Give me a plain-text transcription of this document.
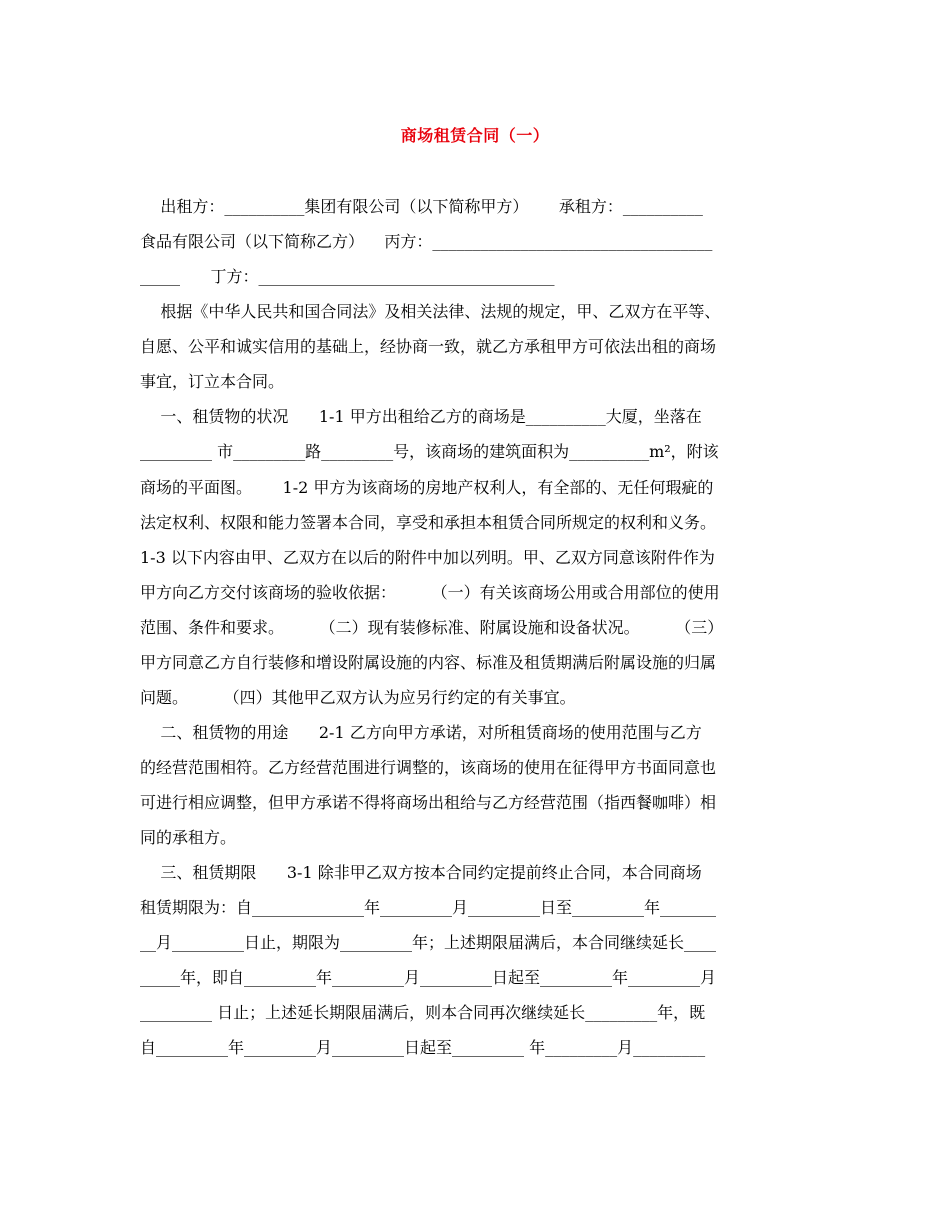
商场租赁合同（一）
出租方：__________集团有限公司（以下简称甲方）      承租方：__________
食品有限公司（以下简称乙方）    丙方：___________________________________
_____      丁方：_____________________________________
根据《中华人民共和国合同法》及相关法律、法规的规定，甲、乙双方在平等、
自愿、公平和诚实信用的基础上，经协商一致，就乙方承租甲方可依法出租的商场
事宜，订立本合同。
一、租赁物的状况      1-1 甲方出租给乙方的商场是__________大厦，坐落在
_________ 市_________路_________号，该商场的建筑面积为__________m²，附该
商场的平面图。      1-2 甲方为该商场的房地产权利人，有全部的、无任何瑕疵的
法定权利、权限和能力签署本合同，享受和承担本租赁合同所规定的权利和义务。
1-3 以下内容由甲、乙双方在以后的附件中加以列明。甲、乙双方同意该附件作为
甲方向乙方交付该商场的验收依据：       （一）有关该商场公用或合用部位的使用
范围、条件和要求。       （二）现有装修标准、附属设施和设备状况。       （三）
甲方同意乙方自行装修和增设附属设施的内容、标准及租赁期满后附属设施的归属
问题。       （四）其他甲乙双方认为应另行约定的有关事宜。
二、租赁物的用途      2-1 乙方向甲方承诺，对所租赁商场的使用范围与乙方
的经营范围相符。乙方经营范围进行调整的，该商场的使用在征得甲方书面同意也
可进行相应调整，但甲方承诺不得将商场出租给与乙方经营范围（指西餐咖啡）相
同的承租方。
三、租赁期限      3-1 除非甲乙双方按本合同约定提前终止合同，本合同商场
租赁期限为：自______________年_________月_________日至_________年_______
__月_________日止，期限为_________年；上述期限届满后，本合同继续延长____
_____年，即自_________年_________月_________日起至_________年_________月
_________ 日止；上述延长期限届满后，则本合同再次继续延长_________年，既
自_________年_________月_________日起至_________ 年_________月_________
